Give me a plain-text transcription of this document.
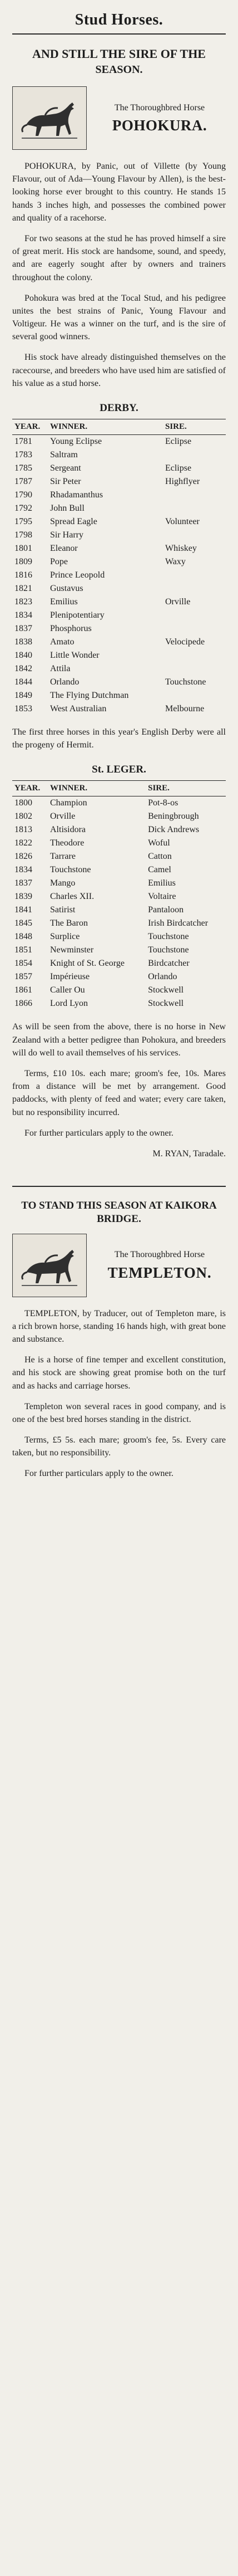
Stud Horses.
AND STILL THE SIRE OF THE
SEASON.
The Thoroughbred Horse
POHOKURA.

POHOKURA, by Panic, out of Villette (by Young Flavour, out of Ada—Young Flavour by Allen), is the best-looking horse ever brought to this country. He stands 15 hands 3 inches high, and possesses the combined power and quality of a racehorse.

For two seasons at the stud he has proved himself a sire of great merit. His stock are handsome, sound, and speedy, and are eagerly sought after by owners and trainers throughout the colony.

Pohokura was bred at the Tocal Stud, and his pedigree unites the best strains of Panic, Young Flavour and Voltigeur. He was a winner on the turf, and is the sire of several good winners.

His stock have already distinguished themselves on the racecourse, and breeders who have used him are satisfied of his value as a stud horse.

DERBY.
YEAR.	WINNER.	SIRE.
1781	Young Eclipse	Eclipse
1783	Saltram	
1785	Sergeant	Eclipse
1787	Sir Peter	Highflyer
1790	Rhadamanthus	
1792	John Bull	
1795	Spread Eagle	Volunteer
1798	Sir Harry	
1801	Eleanor	Whiskey
1809	Pope	Waxy
1816	Prince Leopold	
1821	Gustavus	
1823	Emilius	Orville
1834	Plenipotentiary	
1837	Phosphorus	
1838	Amato	Velocipede
1840	Little Wonder	
1842	Attila	
1844	Orlando	Touchstone
1849	The Flying Dutchman	
1853	West Australian	Melbourne
The first three horses in this year's English Derby were all the progeny of Hermit.
St. LEGER.
YEAR.	WINNER.	SIRE.
1800	Champion	Pot-8-os
1802	Orville	Beningbrough
1813	Altisidora	Dick Andrews
1822	Theodore	Woful
1826	Tarrare	Catton
1834	Touchstone	Camel
1837	Mango	Emilius
1839	Charles XII.	Voltaire
1841	Satirist	Pantaloon
1845	The Baron	Irish Birdcatcher
1848	Surplice	Touchstone
1851	Newminster	Touchstone
1854	Knight of St. George	Birdcatcher
1857	Impérieuse	Orlando
1861	Caller Ou	Stockwell
1866	Lord Lyon	Stockwell
As will be seen from the above, there is no horse in New Zealand with a better pedigree than Pohokura, and breeders will do well to avail themselves of his services.

Terms, £10 10s. each mare; groom's fee, 10s. Mares from a distance will be met by arrangement. Good paddocks, with plenty of feed and water; every care taken, but no responsibility incurred.

For further particulars apply to the owner.

M. RYAN, Taradale.
TO STAND THIS SEASON AT KAIKORA BRIDGE.
The Thoroughbred Horse
TEMPLETON.

TEMPLETON, by Traducer, out of Templeton mare, is a rich brown horse, standing 16 hands high, with great bone and substance.

He is a horse of fine temper and excellent constitution, and his stock are showing great promise both on the turf and as hacks and carriage horses.

Templeton won several races in good company, and is one of the best bred horses standing in the district.

Terms, £5 5s. each mare; groom's fee, 5s. Every care taken, but no responsibility.

For further particulars apply to the owner.
